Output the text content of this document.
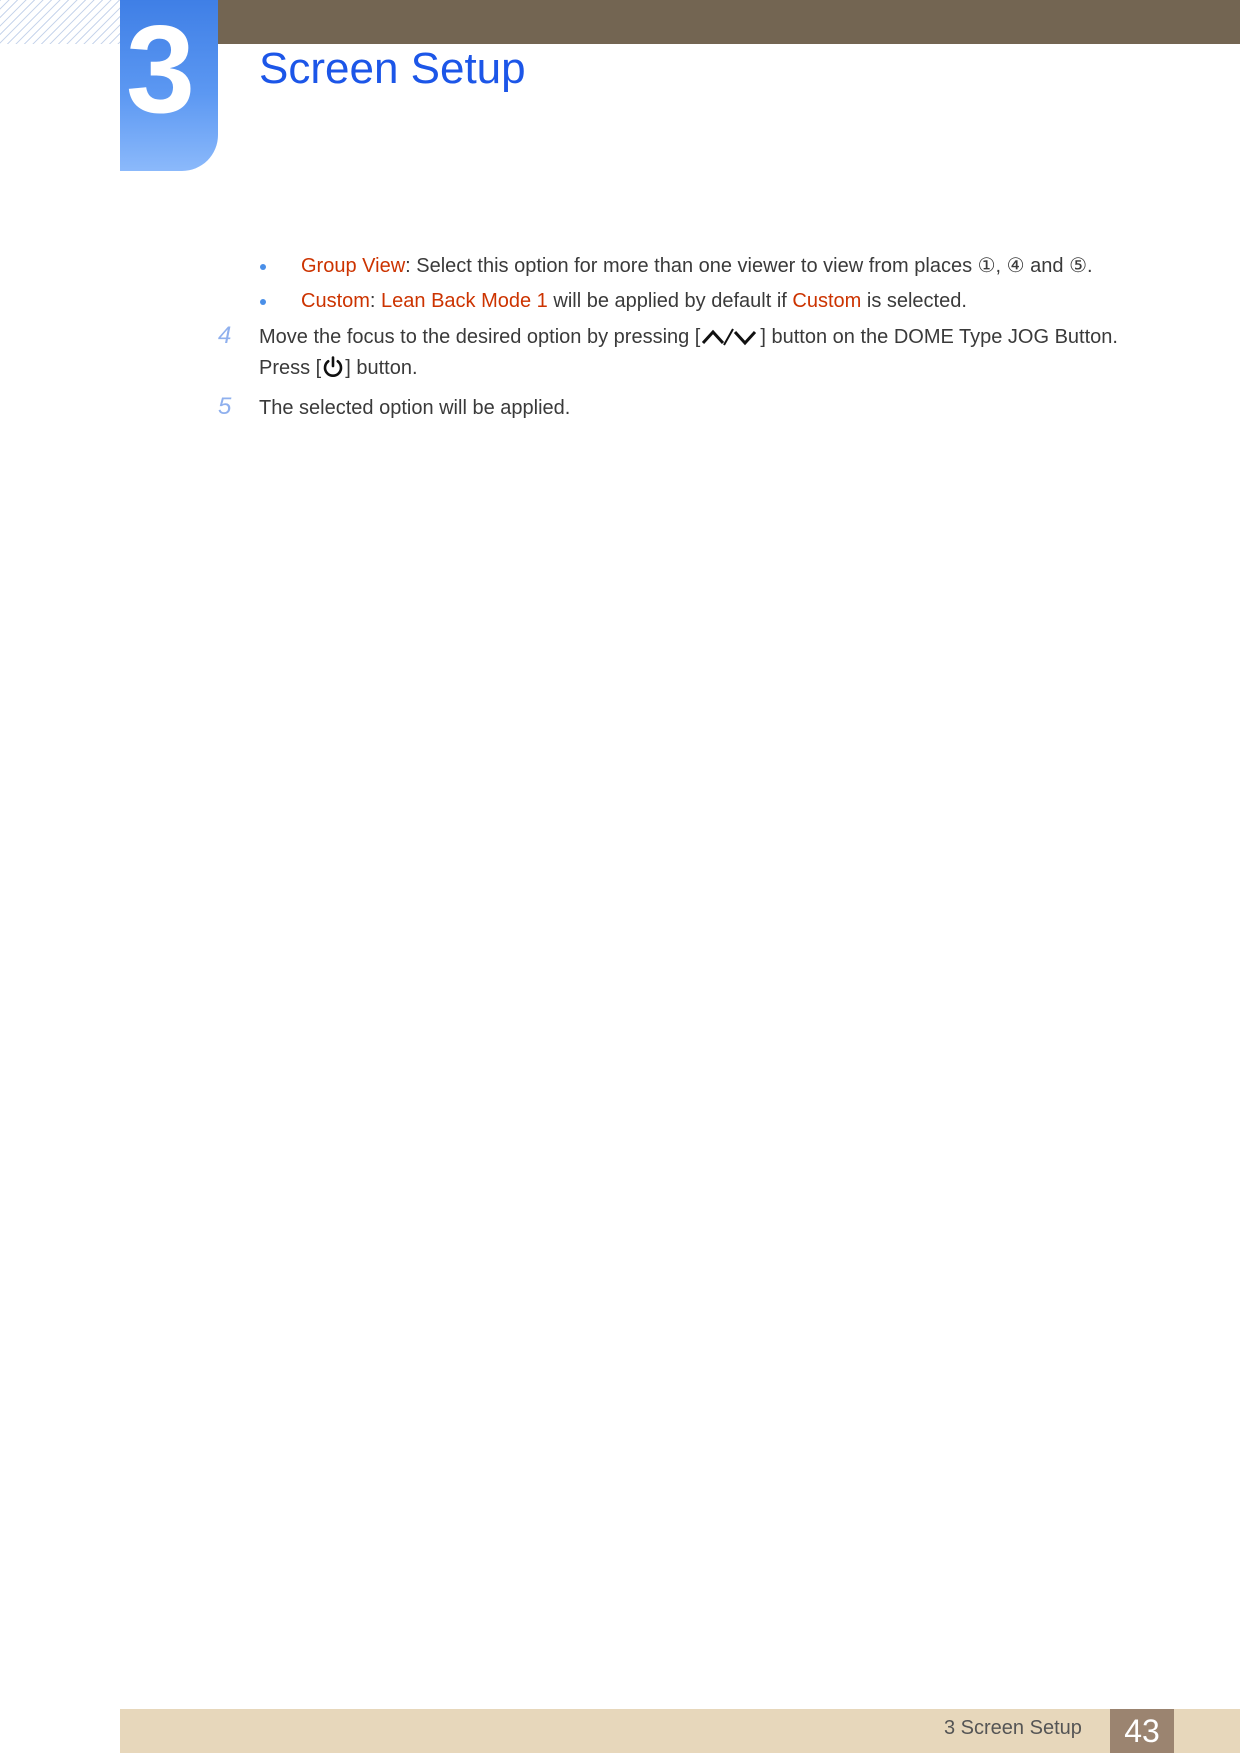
3 Screen Setup
Group View: Select this option for more than one viewer to view from places ①, ④ and ⑤.
Custom: Lean Back Mode 1 will be applied by default if Custom is selected.
4 Move the focus to the desired option by pressing [	] button on the DOME Type JOG Button.
Press [ ] button.
5 The selected option will be applied.
3 Screen Setup	43
